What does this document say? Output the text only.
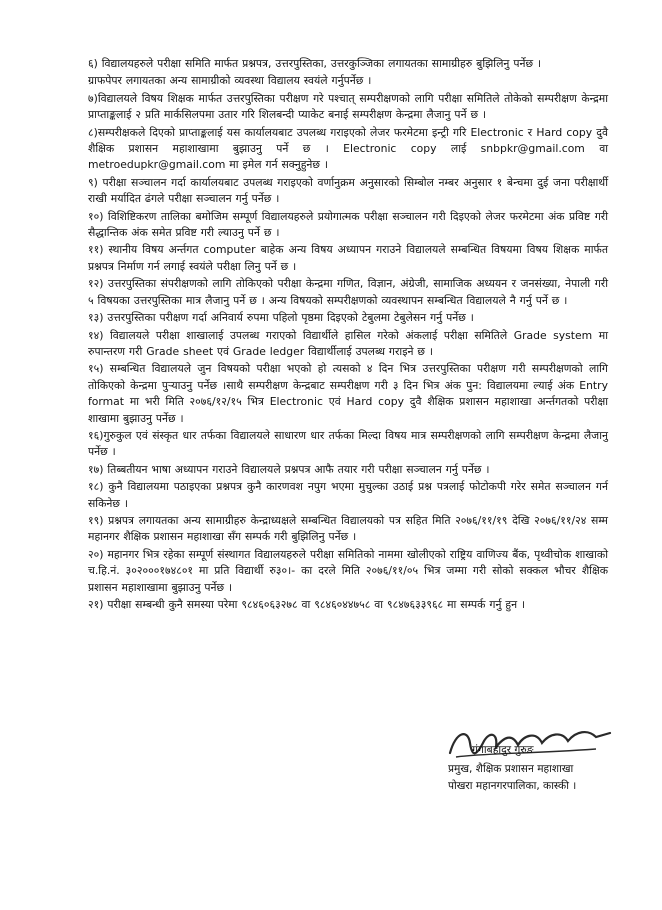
६) विद्यालयहरुले परीक्षा समिति मार्फत प्रश्नपत्र, उत्तरपुस्तिका, उत्तरकुञ्जिका लगायतका सामाग्रीहरु बुझिलिनु पर्नेछ ।

ग्राफपेपर लगायतका अन्य सामाग्रीको व्यवस्था विद्यालय स्वयंले गर्नुपर्नेछ ।

७)विद्यालयले विषय शिक्षक मार्फत उत्तरपुस्तिका परीक्षण गरे पश्चात् सम्परीक्षणको लागि परीक्षा समितिले तोकेको सम्परीक्षण केन्द्रमा प्राप्ताङ्कलाई २ प्रति मार्कसिलपमा उतार गरि शिलबन्दी प्याकेट बनाई सम्परीक्षण केन्द्रमा लैजानु पर्ने छ ।

८)सम्परीक्षकले दिएको प्राप्ताङ्कलाई यस कार्यालयबाट उपलब्ध गराइएको लेजर फरमेटमा इन्ट्री गरि Electronic र Hard copy दुवै शैक्षिक प्रशासन महाशाखामा बुझाउनु पर्ने छ । Electronic copy लाई snbpkr@gmail.com वा metroedupkr@gmail.com मा इमेल गर्न सक्नुहुनेछ ।

९) परीक्षा सञ्चालन गर्दा कार्यालयबाट उपलब्ध गराइएको वर्णानुक्रम अनुसारको सिम्बोल नम्बर अनुसार १ बेन्चमा दुई जना परीक्षार्थी राखी मर्यादित ढंगले परीक्षा सञ्चालन गर्नु पर्नेछ ।

१०) विशिष्टिकरण तालिका बमोजिम सम्पूर्ण विद्यालयहरुले प्रयोगात्मक परीक्षा सञ्चालन गरी दिइएको लेजर फरमेटमा अंक प्रविष्ट गरी सैद्धान्तिक अंक समेत प्रविष्ट गरी ल्याउनु पर्ने छ ।

११) स्थानीय विषय अर्न्तगत computer बाहेक अन्य विषय अध्यापन गराउने विद्यालयले सम्बन्धित विषयमा विषय शिक्षक मार्फत प्रश्नपत्र निर्माण गर्न लगाई स्वयंले परीक्षा लिनु पर्ने छ ।

१२) उत्तरपुस्तिका संपरीक्षणको लागि तोकिएको परीक्षा केन्द्रमा गणित, विज्ञान, अंग्रेजी, सामाजिक अध्ययन र जनसंख्या, नेपाली गरी ५ विषयका उत्तरपुस्तिका मात्र लैजानु पर्ने छ । अन्य विषयको सम्परीक्षणको व्यवस्थापन सम्बन्धित विद्यालयले नै गर्नु पर्ने छ ।

१३) उत्तरपुस्तिका परीक्षण गर्दा अनिवार्य रुपमा पहिलो पृष्ठमा दिइएको टेबुलमा टेबुलेसन गर्नु पर्नेछ ।

१४) विद्यालयले परीक्षा शाखालाई उपलब्ध गराएको विद्यार्थीले हासिल गरेको अंकलाई परीक्षा समितिले Grade system मा रुपान्तरण गरी Grade sheet एवं Grade ledger विद्यार्थीलाई उपलब्ध गराइने छ ।

१५) सम्बन्धित विद्यालयले जुन विषयको परीक्षा भएको हो त्यसको ४ दिन भित्र उत्तरपुस्तिका परीक्षण गरी सम्परीक्षणको लागि तोकिएको केन्द्रमा पुऱ्याउनु पर्नेछ ।साथै सम्परीक्षण केन्द्रबाट सम्परीक्षण गरी ३ दिन भित्र अंक पुन: विद्यालयमा ल्याई अंक Entry format मा भरी मिति २०७६/१२/१५ भित्र Electronic एवं Hard copy दुवै शैक्षिक प्रशासन महाशाखा अर्न्तगतको परीक्षा शाखामा बुझाउनु पर्नेछ ।

१६)गुरुकुल एवं संस्कृत धार तर्फका विद्यालयले साधारण धार तर्फका मिल्दा विषय मात्र सम्परीक्षणको लागि सम्परीक्षण केन्द्रमा लैजानु पर्नेछ ।

१७) तिब्बतीयन भाषा अध्यापन गराउने विद्यालयले प्रश्नपत्र आफै तयार गरी परीक्षा सञ्चालन गर्नु पर्नेछ ।

१८) कुनै विद्यालयमा पठाइएका प्रश्नपत्र कुनै कारणवश नपुग भएमा मुचुल्का उठाई प्रश्न पत्रलाई फोटोकपी गरेर समेत सञ्चालन गर्न सकिनेछ ।

१९) प्रश्नपत्र लगायतका अन्य सामाग्रीहरु केन्द्राध्यक्षले सम्बन्धित विद्यालयको पत्र सहित मिति २०७६/११/१९ देखि २०७६/११/२४ सम्म महानगर शैक्षिक प्रशासन महाशाखा सँग सम्पर्क गरी बुझिलिनु पर्नेछ ।

२०) महानगर भित्र रहेका सम्पूर्ण संस्थागत विद्यालयहरुले परीक्षा समितिको नाममा खोलीएको राष्ट्रिय वाणिज्य बैंक, पृथ्वीचोक शाखाको च.हि.नं. ३०२०००१७४८०१ मा प्रति विद्यार्थी रु३०।- का दरले मिति २०७६/११/०५ भित्र जम्मा गरी सोको सक्कल भौचर शैक्षिक प्रशासन महाशाखामा बुझाउनु पर्नेछ ।

२१) परीक्षा सम्बन्धी कुनै समस्या परेमा ९८४६०६३२७८ वा ९८४६०४४७५८ वा ९८४७६३३९६८ मा सम्पर्क गर्नु हुन ।

गंगाबहादुर गुरुङ
प्रमुख, शैक्षिक प्रशासन महाशाखा
पोखरा महानगरपालिका, कास्की ।
